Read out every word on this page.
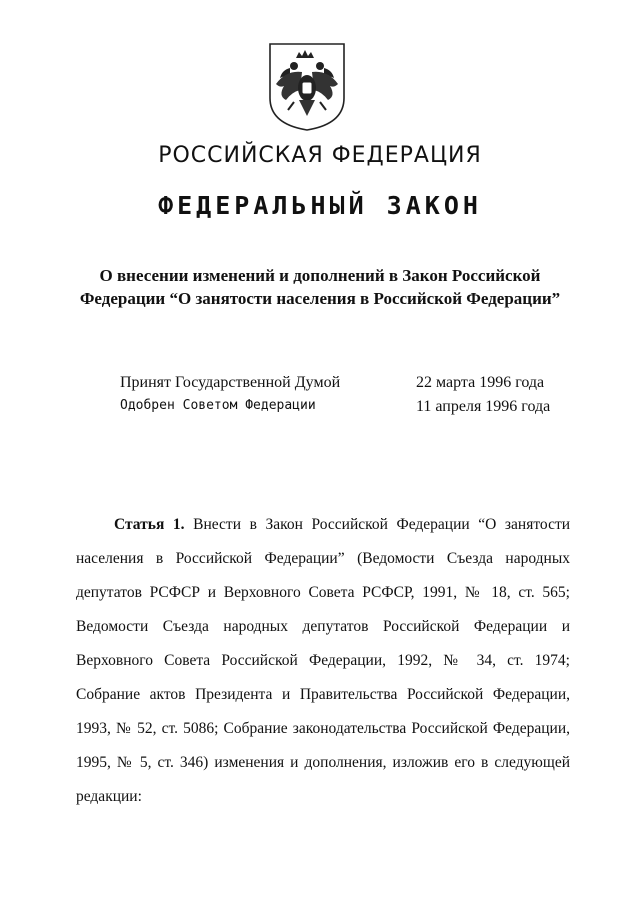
РОССИЙСКАЯ ФЕДЕРАЦИЯ
ФЕДЕРАЛЬНЫЙ ЗАКОН
О внесении изменений и дополнений в Закон Российской
Федерации “О занятости населения в Российской Федерации”
Принят Государственной Думой	22 марта 1996 года
Одобрен Советом Федерации	11 апреля 1996 года
Статья 1. Внести в Закон Российской Федерации “О занятости
населения в Российской Федерации” (Ведомости Съезда народных
депутатов РСФСР и Верховного Совета РСФСР, 1991, № 18, ст. 565;
Ведомости Съезда народных депутатов Российской Федерации и
Верховного Совета Российской Федерации, 1992, № 34, ст. 1974;
Собрание актов Президента и Правительства Российской Федерации,
1993, № 52, ст. 5086; Собрание законодательства Российской Федерации,
1995, № 5, ст. 346) изменения и дополнения, изложив его в следующей
редакции:
